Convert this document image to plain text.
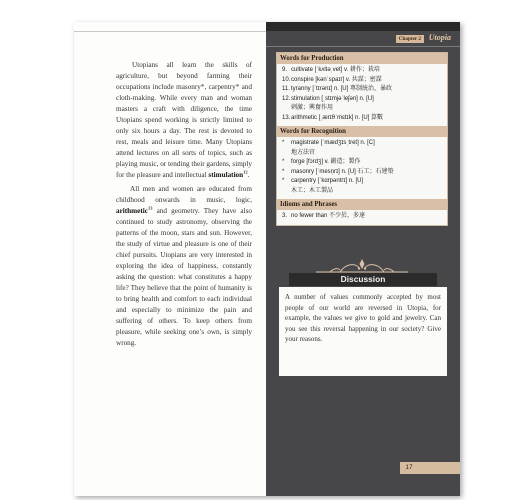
Utopians all learn the skills of agriculture, but beyond farming their occupations include masonry*, carpentry* and cloth-making. While every man and woman masters a craft with diligence, the time Utopians spend working is strictly limited to only six hours a day. The rest is devoted to rest, meals and leisure time. Many Utopians attend lectures on all sorts of topics, such as playing music, or tending their gardens, simply for the pleasure and intellectual stimulation$^{12}$.

All men and women are educated from childhood onwards in music, logic, arithmetic$^{13}$ and geometry. They have also continued to study astronomy, observing the patterns of the moon, stars and sun. However, the study of virtue and pleasure is one of their chief pursuits. Utopians are very interested in exploring the idea of happiness, constantly asking the question: what constitutes a happy life? They believe that the point of humanity is to bring health and comfort to each individual and especially to minimize the pain and suffering of others. To keep others from pleasure, while seeking one’s own, is simply wrong.

Chapter 2 Utopia
Words for Production
9. cultivate [ˈkʌltəˌvet] v. 耕作；栽培
10. conspire [kənˈspaɪr] v. 共謀；密謀
11. tyranny [ˈtɪrənɪ] n. [U] 專制統治，暴政
12. stimulation [ˌstɪmjəˈleʃən] n. [U]
刺激；興奮作用
13. arithmetic [ˌærɪθˈmɛtɪk] n. [U] 算數
Words for Recognition
*	magistrate [ˈmædʒɪsˌtret] n. [C]
地方法官
*	forge [fɔrdʒ] v. 鍛造；製作
*	masonry [ˈmesn̩rɪ] n. [U] 石工；石建築
*	carpentry [ˈkɑrpəntrɪ] n. [U]
木工；木工製品
Idioms and Phrases
3. no fewer than 不少於，多達
Discussion
A number of values commonly accepted by most people of our world are reversed in Utopia, for example, the values we give to gold and jewelry. Can you see this reversal happening in our society? Give your reasons.
17
